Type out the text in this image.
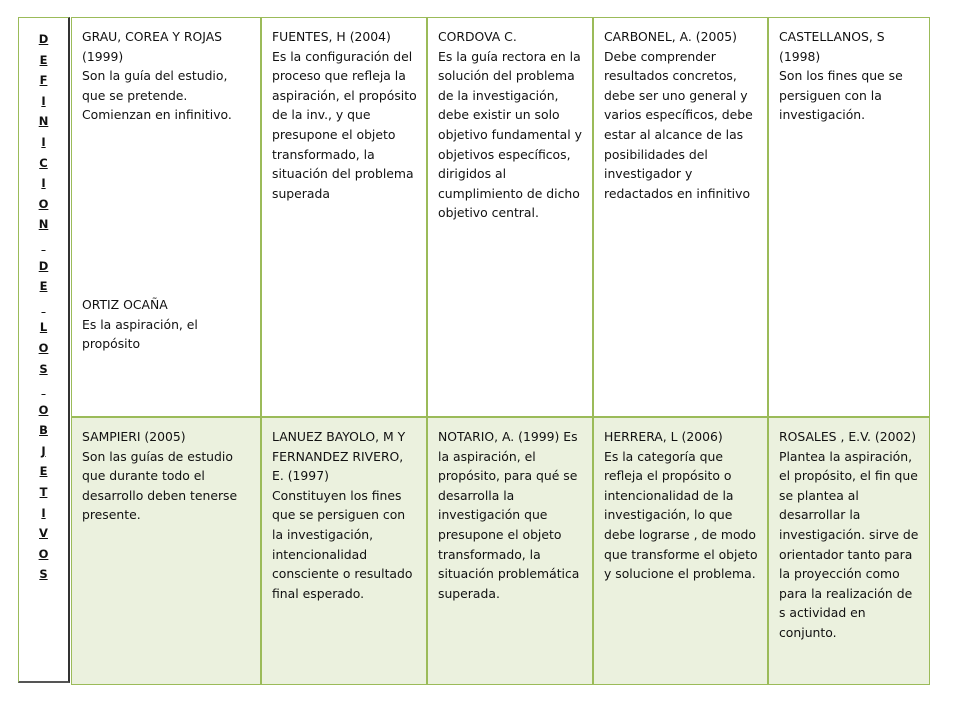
D
E
F
I
N
I
C
I
O
N

D
E

L
O
S

O
B
J
E
T
I
V
O
S
GRAU, COREA Y ROJAS
(1999)
Son la guía del estudio, que se pretende. Comienzan en infinitivo.
ORTIZ OCAÑA
Es la aspiración, el propósito
FUENTES, H (2004)
Es la configuración del proceso que refleja la aspiración, el propósito de la inv., y que presupone el objeto transformado, la situación del problema superada
CORDOVA C.
Es la guía rectora en la solución del problema de la investigación, debe existir un solo objetivo fundamental y objetivos específicos, dirigidos al cumplimiento de dicho objetivo central.
CARBONEL, A. (2005)
Debe comprender resultados concretos, debe ser uno general y varios específicos, debe estar al alcance de las posibilidades del investigador y redactados en infinitivo
CASTELLANOS, S
(1998)
Son los fines que se persiguen con la investigación.
SAMPIERI (2005)
Son las guías de estudio que durante todo el desarrollo deben tenerse presente.
LANUEZ BAYOLO, M Y FERNANDEZ RIVERO, E. (1997)
Constituyen los fines que se persiguen con la investigación, intencionalidad consciente o resultado final esperado.
NOTARIO, A. (1999) Es la aspiración, el propósito, para qué se desarrolla la investigación que presupone el objeto transformado, la situación problemática superada.
HERRERA, L (2006)
Es la categoría que refleja el propósito o intencionalidad de la investigación, lo que debe lograrse , de modo que transforme el objeto y solucione el problema.
ROSALES , E.V. (2002)
Plantea la aspiración, el propósito, el fin que se plantea al desarrollar la investigación. sirve de orientador tanto para la proyección como para la realización de s actividad en conjunto.
